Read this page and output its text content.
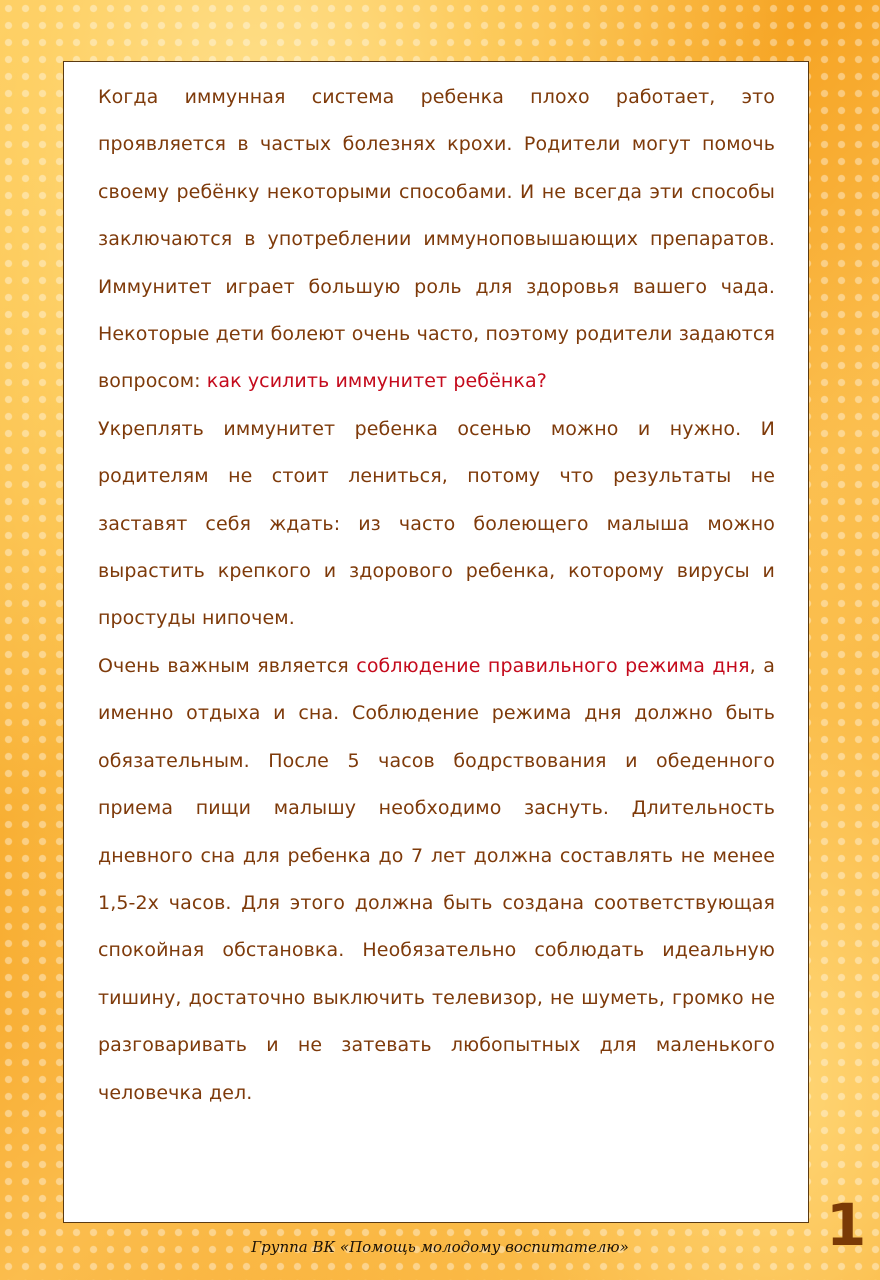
Когда иммунная система ребенка плохо работает, это проявляется в частых болезнях крохи. Родители могут помочь своему ребёнку некоторыми способами. И не всегда эти способы заключаются в употреблении иммуноповышающих препаратов. Иммунитет играет большую роль для здоровья вашего чада. Некоторые дети болеют очень часто, поэтому родители задаются вопросом: как усилить иммунитет ребёнка?

Укреплять иммунитет ребенка осенью можно и нужно. И родителям не стоит лениться, потому что результаты не заставят себя ждать: из часто болеющего малыша можно вырастить крепкого и здорового ребенка, которому вирусы и простуды нипочем.

Очень важным является соблюдение правильного режима дня, а именно отдыха и сна. Соблюдение режима дня должно быть обязательным. После 5 часов бодрствования и обеденного приема пищи малышу необходимо заснуть. Длительность дневного сна для ребенка до 7 лет должна составлять не менее 1,5-2х часов. Для этого должна быть создана соответствующая спокойная обстановка. Необязательно соблюдать идеальную тишину, достаточно выключить телевизор, не шуметь, громко не разговаривать и не затевать любопытных для маленького человечка дел.

1
Группа ВК «Помощь молодому воспитателю»
